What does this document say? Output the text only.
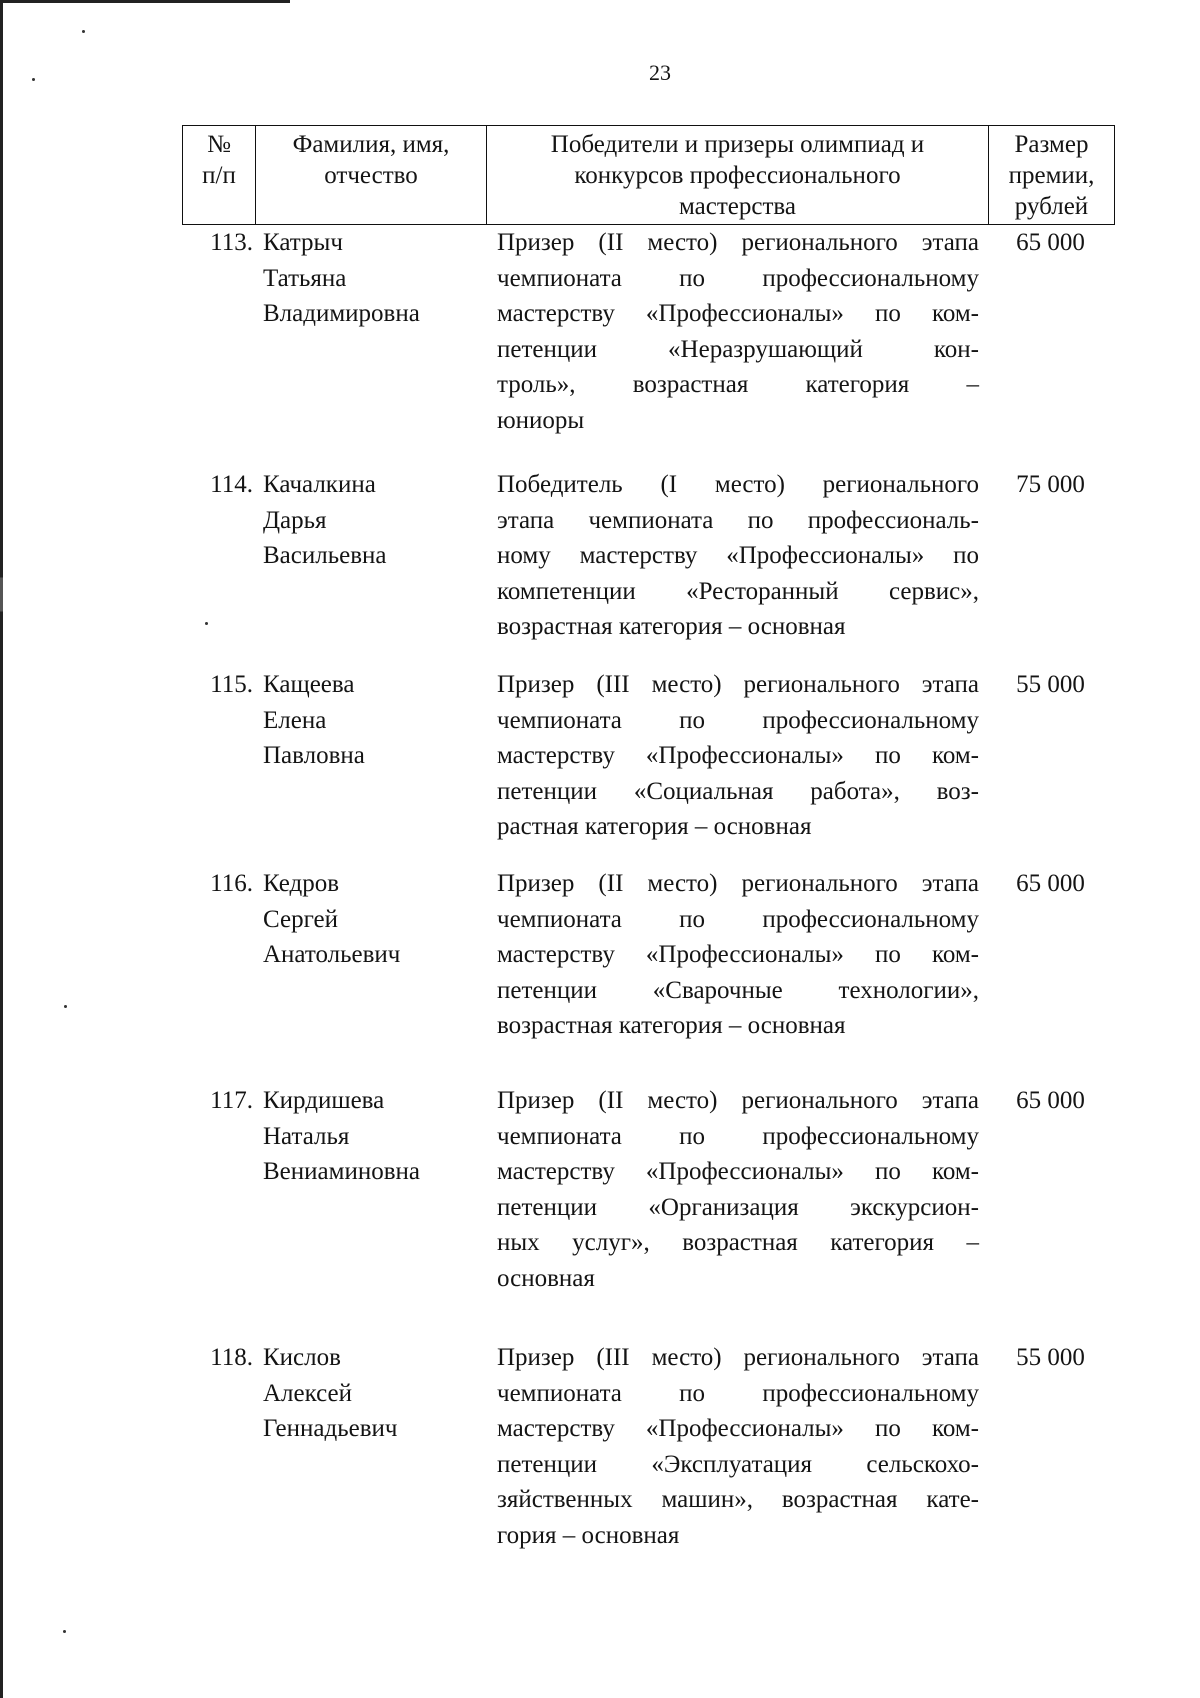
23
№
п/п
Фамилия, имя,
отчество
Победители и призеры олимпиад и
конкурсов профессионального
мастерства
Размер
премии,
рублей
113. Катрыч
Татьяна
Владимировна
Призер (II место) регионального этапа
чемпионата по профессиональному
мастерству «Профессионалы» по ком-
петенции «Неразрушающий кон-
троль», возрастная категория –
юниоры
65 000
114. Качалкина
Дарья
Васильевна
Победитель (I место) регионального
этапа чемпионата по профессиональ-
ному мастерству «Профессионалы» по
компетенции «Ресторанный сервис»,
возрастная категория – основная
75 000
115. Кащеева
Елена
Павловна
Призер (III место) регионального этапа
чемпионата по профессиональному
мастерству «Профессионалы» по ком-
петенции «Социальная работа», воз-
растная категория – основная
55 000
116. Кедров
Сергей
Анатольевич
Призер (II место) регионального этапа
чемпионата по профессиональному
мастерству «Профессионалы» по ком-
петенции «Сварочные технологии»,
возрастная категория – основная
65 000
117. Кирдишева
Наталья
Вениаминовна
Призер (II место) регионального этапа
чемпионата по профессиональному
мастерству «Профессионалы» по ком-
петенции «Организация экскурсион-
ных услуг», возрастная категория –
основная
65 000
118. Кислов
Алексей
Геннадьевич
Призер (III место) регионального этапа
чемпионата по профессиональному
мастерству «Профессионалы» по ком-
петенции «Эксплуатация сельскохо-
зяйственных машин», возрастная кате-
гория – основная
55 000
